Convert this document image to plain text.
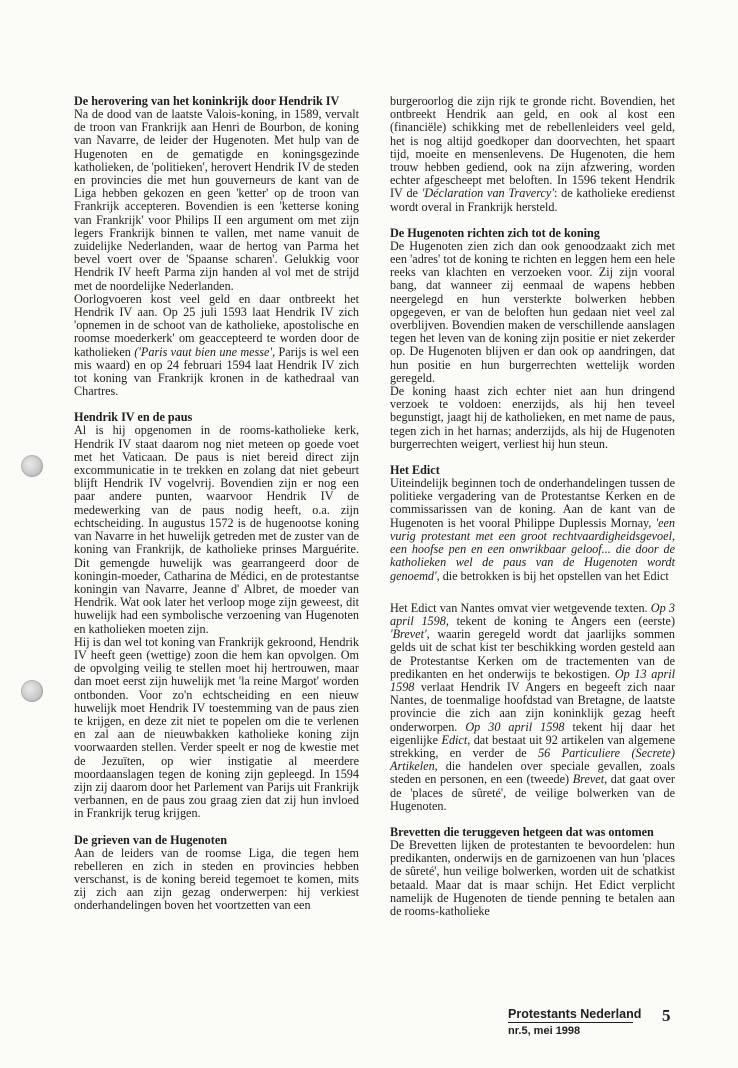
De herovering van het koninkrijk door Hendrik IV

Na de dood van de laatste Valois-koning, in 1589, vervalt de troon van Frankrijk aan Henri de Bourbon, de koning van Navarre, de leider der Hugenoten. Met hulp van de Hugenoten en de gematigde en koningsgezinde katholieken, de 'politieken', herovert Hendrik IV de steden en provincies die met hun gouverneurs de kant van de Liga hebben gekozen en geen 'ketter' op de troon van Frankrijk accepteren. Bovendien is een 'ketterse koning van Frankrijk' voor Philips II een argument om met zijn legers Frankrijk binnen te vallen, met name vanuit de zuidelijke Nederlanden, waar de hertog van Parma het bevel voert over de 'Spaanse scharen'. Gelukkig voor Hendrik IV heeft Parma zijn handen al vol met de strijd met de noordelijke Nederlanden.

Oorlogvoeren kost veel geld en daar ontbreekt het Hendrik IV aan. Op 25 juli 1593 laat Hendrik IV zich 'opnemen in de schoot van de katholieke, apostolische en roomse moederkerk' om geaccepteerd te worden door de katholieken ('Paris vaut bien une messe', Parijs is wel een mis waard) en op 24 februari 1594 laat Hendrik IV zich tot koning van Frankrijk kronen in de kathedraal van Chartres.

Hendrik IV en de paus

Al is hij opgenomen in de rooms-katholieke kerk, Hendrik IV staat daarom nog niet meteen op goede voet met het Vaticaan. De paus is niet bereid direct zijn excommunicatie in te trekken en zolang dat niet gebeurt blijft Hendrik IV vogelvrij. Bovendien zijn er nog een paar andere punten, waarvoor Hendrik IV de medewerking van de paus nodig heeft, o.a. zijn echtscheiding. In augustus 1572 is de hugenootse koning van Navarre in het huwelijk getreden met de zuster van de koning van Frankrijk, de katholieke prinses Marguérite. Dit gemengde huwelijk was gearrangeerd door de koningin-moeder, Catharina de Médici, en de protestantse koningin van Navarre, Jeanne d' Albret, de moeder van Hendrik. Wat ook later het verloop moge zijn geweest, dit huwelijk had een symbolische verzoening van Hugenoten en katholieken moeten zijn.

Hij is dan wel tot koning van Frankrijk gekroond, Hendrik IV heeft geen (wettige) zoon die hem kan opvolgen. Om de opvolging veilig te stellen moet hij hertrouwen, maar dan moet eerst zijn huwelijk met 'la reine Margot' worden ontbonden. Voor zo'n echtscheiding en een nieuw huwelijk moet Hendrik IV toestemming van de paus zien te krijgen, en deze zit niet te popelen om die te verlenen en zal aan de nieuwbakken katholieke koning zijn voorwaarden stellen. Verder speelt er nog de kwestie met de Jezuïten, op wier instigatie al meerdere moordaanslagen tegen de koning zijn gepleegd. In 1594 zijn zij daarom door het Parlement van Parijs uit Frankrijk verbannen, en de paus zou graag zien dat zij hun invloed in Frankrijk terug krijgen.

De grieven van de Hugenoten

Aan de leiders van de roomse Liga, die tegen hem rebelleren en zich in steden en provincies hebben verschanst, is de koning bereid tegemoet te komen, mits zij zich aan zijn gezag onderwerpen: hij verkiest onderhandelingen boven het voortzetten van een

burgeroorlog die zijn rijk te gronde richt. Bovendien, het ontbreekt Hendrik aan geld, en ook al kost een (financiële) schikking met de rebellenleiders veel geld, het is nog altijd goedkoper dan doorvechten, het spaart tijd, moeite en mensenlevens. De Hugenoten, die hem trouw hebben gediend, ook na zijn afzwering, worden echter afgescheept met beloften. In 1596 tekent Hendrik IV de 'Déclaration van Travercy': de katholieke eredienst wordt overal in Frankrijk hersteld.

De Hugenoten richten zich tot de koning

De Hugenoten zien zich dan ook genoodzaakt zich met een 'adres' tot de koning te richten en leggen hem een hele reeks van klachten en verzoeken voor. Zij zijn vooral bang, dat wanneer zij eenmaal de wapens hebben neergelegd en hun versterkte bolwerken hebben opgegeven, er van de beloften hun gedaan niet veel zal overblijven. Bovendien maken de verschillende aanslagen tegen het leven van de koning zijn positie er niet zekerder op. De Hugenoten blijven er dan ook op aandringen, dat hun positie en hun burgerrechten wettelijk worden geregeld.

De koning haast zich echter niet aan hun dringend verzoek te voldoen: enerzijds, als hij hen teveel begunstigt, jaagt hij de katholieken, en met name de paus, tegen zich in het harnas; anderzijds, als hij de Hugenoten burgerrechten weigert, verliest hij hun steun.

Het Edict

Uiteindelijk beginnen toch de onderhandelingen tussen de politieke vergadering van de Protestantse Kerken en de commissarissen van de koning. Aan de kant van de Hugenoten is het vooral Philippe Duplessis Mornay, 'een vurig protestant met een groot rechtvaardigheidsgevoel, een hoofse pen en een onwrikbaar geloof... die door de katholieken wel de paus van de Hugenoten wordt genoemd', die betrokken is bij het opstellen van het Edict

Het Edict van Nantes omvat vier wetgevende texten. Op 3 april 1598, tekent de koning te Angers een (eerste) 'Brevet', waarin geregeld wordt dat jaarlijks sommen gelds uit de schat kist ter beschikking worden gesteld aan de Protestantse Kerken om de tractementen van de predikanten en het onderwijs te bekostigen. Op 13 april 1598 verlaat Hendrik IV Angers en begeeft zich naar Nantes, de toenmalige hoofdstad van Bretagne, de laatste provincie die zich aan zijn koninklijk gezag heeft onderworpen. Op 30 april 1598 tekent hij daar het eigenlijke Edict, dat bestaat uit 92 artikelen van algemene strekking, en verder de 56 Particuliere (Secrete) Artikelen, die handelen over speciale gevallen, zoals steden en personen, en een (tweede) Brevet, dat gaat over de 'places de sûreté', de veilige bolwerken van de Hugenoten.

Brevetten die teruggeven hetgeen dat was ontomen

De Brevetten lijken de protestanten te bevoordelen: hun predikanten, onderwijs en de garnizoenen van hun 'places de sûreté', hun veilige bolwerken, worden uit de schatkist betaald. Maar dat is maar schijn. Het Edict verplicht namelijk de Hugenoten de tiende penning te betalen aan de rooms-katholieke

Protestants Nederland
nr.5, mei 1998
5
